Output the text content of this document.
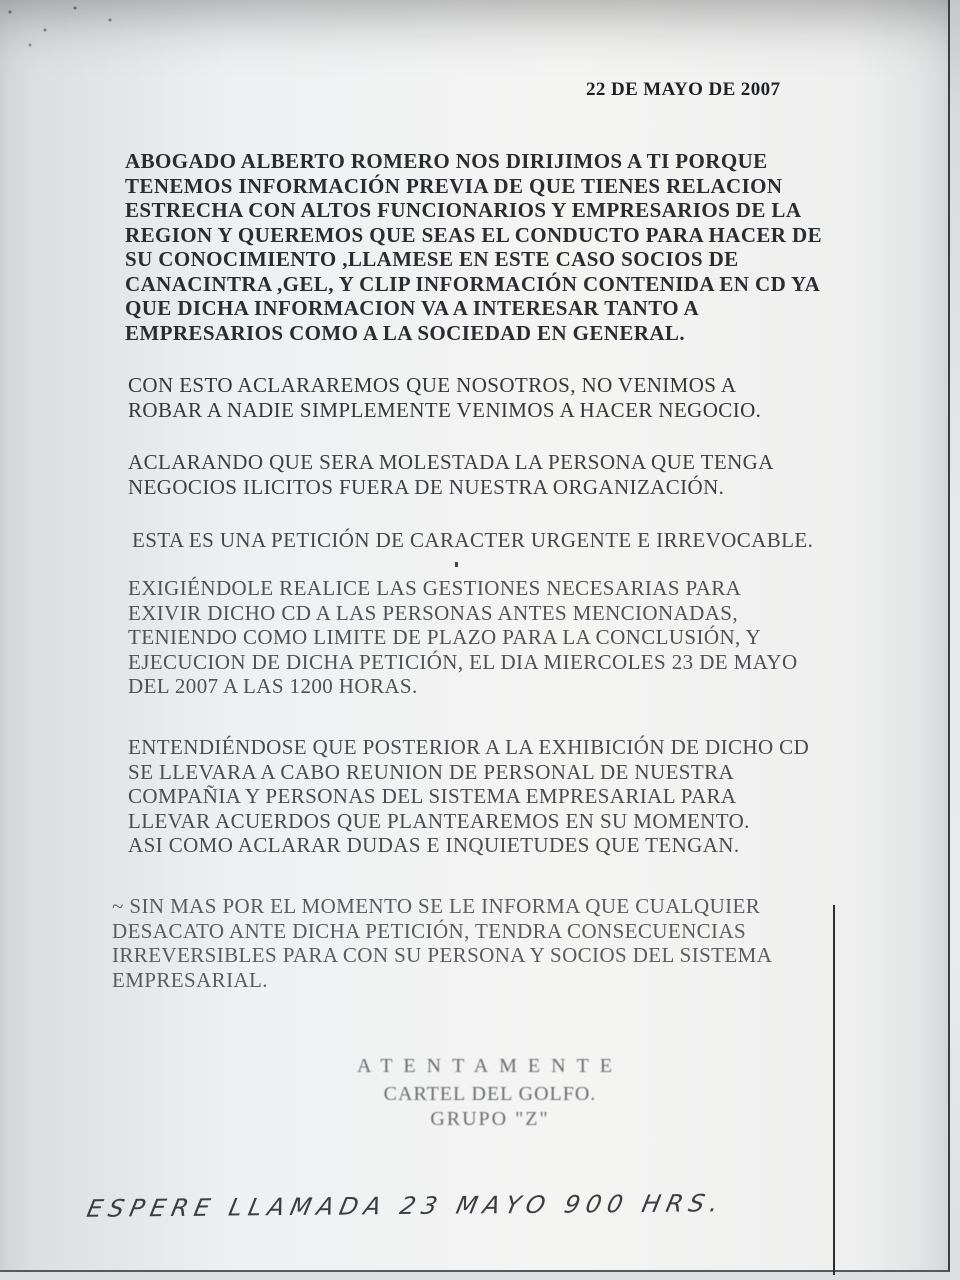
22 DE MAYO DE 2007
ABOGADO ALBERTO ROMERO NOS DIRIJIMOS A TI PORQUE
TENEMOS INFORMACIÓN PREVIA DE QUE TIENES RELACION
ESTRECHA CON ALTOS FUNCIONARIOS Y EMPRESARIOS DE LA
REGION Y QUEREMOS QUE SEAS EL CONDUCTO PARA HACER DE
SU CONOCIMIENTO ,LLAMESE EN ESTE CASO SOCIOS DE
CANACINTRA ,GEL, Y CLIP INFORMACIÓN CONTENIDA EN CD YA
QUE DICHA INFORMACION VA A INTERESAR TANTO A
EMPRESARIOS COMO A LA SOCIEDAD EN GENERAL.
CON ESTO ACLARAREMOS QUE NOSOTROS, NO VENIMOS A
ROBAR A NADIE SIMPLEMENTE VENIMOS A HACER NEGOCIO.
ACLARANDO QUE SERA MOLESTADA LA PERSONA QUE TENGA
NEGOCIOS ILICITOS FUERA DE NUESTRA ORGANIZACIÓN.
ESTA ES UNA PETICIÓN DE CARACTER URGENTE E IRREVOCABLE.
EXIGIÉNDOLE REALICE LAS GESTIONES NECESARIAS PARA
EXIVIR DICHO CD A LAS PERSONAS ANTES MENCIONADAS,
TENIENDO COMO LIMITE DE PLAZO PARA LA CONCLUSIÓN, Y
EJECUCION DE DICHA PETICIÓN, EL DIA MIERCOLES 23 DE MAYO
DEL 2007 A LAS 1200 HORAS.
ENTENDIÉNDOSE QUE POSTERIOR A LA EXHIBICIÓN DE DICHO CD
SE LLEVARA A CABO REUNION DE PERSONAL DE NUESTRA
COMPAÑIA Y PERSONAS DEL SISTEMA EMPRESARIAL PARA
LLEVAR ACUERDOS QUE PLANTEAREMOS EN SU MOMENTO.
ASI COMO ACLARAR DUDAS E INQUIETUDES QUE TENGAN.
~ SIN MAS POR EL MOMENTO SE LE INFORMA QUE CUALQUIER
DESACATO ANTE DICHA PETICIÓN, TENDRA CONSECUENCIAS
IRREVERSIBLES PARA CON SU PERSONA Y SOCIOS DEL SISTEMA
EMPRESARIAL.
ATENTAMENTE
CARTEL DEL GOLFO.
GRUPO "Z"
ESPERE LLAMADA 23 MAYO 900 HRS.
